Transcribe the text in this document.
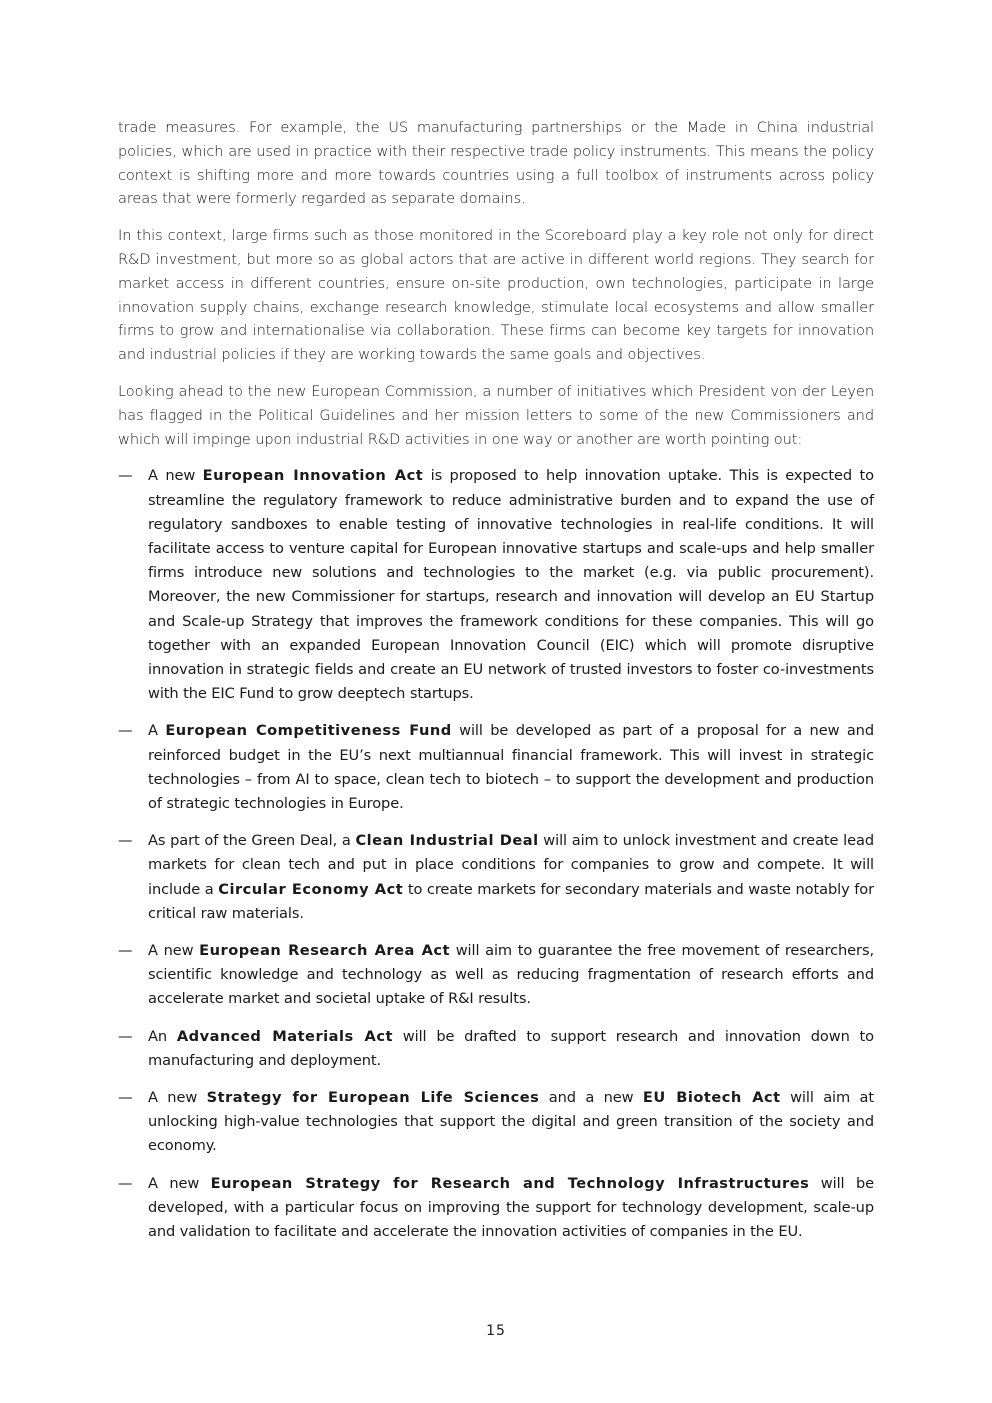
trade measures. For example, the US manufacturing partnerships or the Made in China industrial policies, which are used in practice with their respective trade policy instruments. This means the policy context is shifting more and more towards countries using a full toolbox of instruments across policy areas that were formerly regarded as separate domains.

In this context, large firms such as those monitored in the Scoreboard play a key role not only for direct R&D investment, but more so as global actors that are active in different world regions. They search for market access in different countries, ensure on-site production, own technologies, participate in large innovation supply chains, exchange research knowledge, stimulate local ecosystems and allow smaller firms to grow and internationalise via collaboration. These firms can become key targets for innovation and industrial policies if they are working towards the same goals and objectives.

Looking ahead to the new European Commission, a number of initiatives which President von der Leyen has flagged in the Political Guidelines and her mission letters to some of the new Commissioners and which will impinge upon industrial R&D activities in one way or another are worth pointing out:

— A new European Innovation Act is proposed to help innovation uptake. This is expected to streamline the regulatory framework to reduce administrative burden and to expand the use of regulatory sandboxes to enable testing of innovative technologies in real-life conditions. It will facilitate access to venture capital for European innovative startups and scale-ups and help smaller firms introduce new solutions and technologies to the market (e.g. via public procurement). Moreover, the new Commissioner for startups, research and innovation will develop an EU Startup and Scale-up Strategy that improves the framework conditions for these companies. This will go together with an expanded European Innovation Council (EIC) which will promote disruptive innovation in strategic fields and create an EU network of trusted investors to foster co-investments with the EIC Fund to grow deeptech startups.
— A European Competitiveness Fund will be developed as part of a proposal for a new and reinforced budget in the EU’s next multiannual financial framework. This will invest in strategic technologies – from AI to space, clean tech to biotech – to support the development and production of strategic technologies in Europe.
— As part of the Green Deal, a Clean Industrial Deal will aim to unlock investment and create lead markets for clean tech and put in place conditions for companies to grow and compete. It will include a Circular Economy Act to create markets for secondary materials and waste notably for critical raw materials.
— A new European Research Area Act will aim to guarantee the free movement of researchers, scientific knowledge and technology as well as reducing fragmentation of research efforts and accelerate market and societal uptake of R&I results.
— An Advanced Materials Act will be drafted to support research and innovation down to manufacturing and deployment.
— A new Strategy for European Life Sciences and a new EU Biotech Act will aim at unlocking high-value technologies that support the digital and green transition of the society and economy.
— A new European Strategy for Research and Technology Infrastructures will be developed, with a particular focus on improving the support for technology development, scale-up and validation to facilitate and accelerate the innovation activities of companies in the EU.
15
